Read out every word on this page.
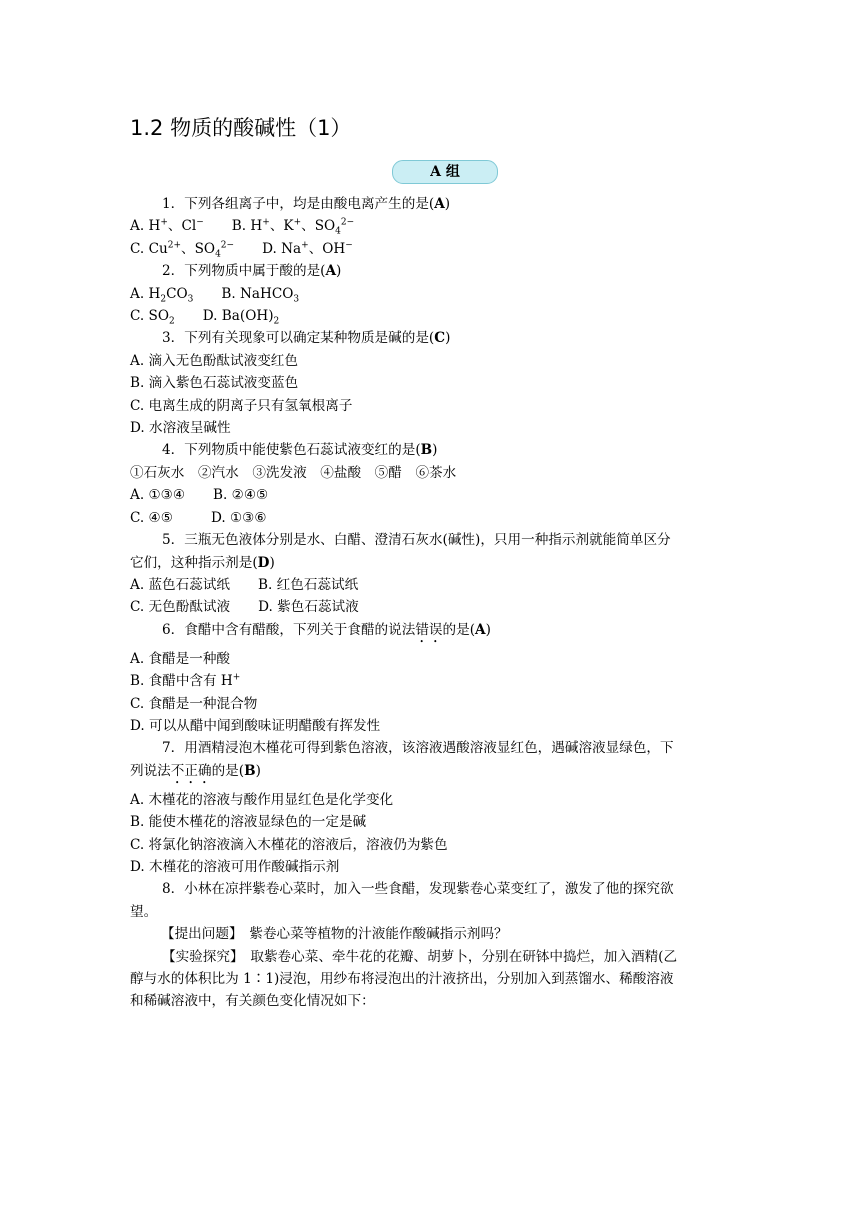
1.2 物质的酸碱性（1）
A 组
1．下列各组离子中，均是由酸电离产生的是(A)
A. H+、Cl− B. H+、K+、$SO_4^{2-}$
C. $Cu^{2+}$、$SO_4^{2-}$ D. Na+、OH−
2．下列物质中属于酸的是(A)
A. $H_2CO_3$ B. NaHCO$_3$
C. $SO_2$ D. $Ba(OH)_2$
3．下列有关现象可以确定某种物质是碱的是(C)
A. 滴入无色酚酞试液变红色
B. 滴入紫色石蕊试液变蓝色
C. 电离生成的阴离子只有氢氧根离子
D. 水溶液呈碱性
4．下列物质中能使紫色石蕊试液变红的是(B)
①石灰水　②汽水　③洗发液　④盐酸　⑤醋　⑥茶水
A. ①③④ B. ②④⑤
C. ④⑤	D. ①③⑥
5．三瓶无色液体分别是水、白醋、澄清石灰水(碱性)，只用一种指示剂就能简单区分
它们，这种指示剂是(D)
A. 蓝色石蕊试纸 B. 红色石蕊试纸
C. 无色酚酞试液 D. 紫色石蕊试液
6．食醋中含有醋酸，下列关于食醋的说法错误的是(A)
A. 食醋是一种酸
B. 食醋中含有 H+
C. 食醋是一种混合物
D. 可以从醋中闻到酸味证明醋酸有挥发性
7．用酒精浸泡木槿花可得到紫色溶液，该溶液遇酸溶液显红色，遇碱溶液显绿色，下
列说法不正确的是(B)
A. 木槿花的溶液与酸作用显红色是化学变化
B. 能使木槿花的溶液显绿色的一定是碱
C. 将氯化钠溶液滴入木槿花的溶液后，溶液仍为紫色
D. 木槿花的溶液可用作酸碱指示剂
8．小林在凉拌紫卷心菜时，加入一些食醋，发现紫卷心菜变红了，激发了他的探究欲
望。
【提出问题】　紫卷心菜等植物的汁液能作酸碱指示剂吗？
【实验探究】　取紫卷心菜、牵牛花的花瓣、胡萝卜，分别在研钵中捣烂，加入酒精(乙
醇与水的体积比为 1∶1)浸泡，用纱布将浸泡出的汁液挤出，分别加入到蒸馏水、稀酸溶液
和稀碱溶液中，有关颜色变化情况如下：
